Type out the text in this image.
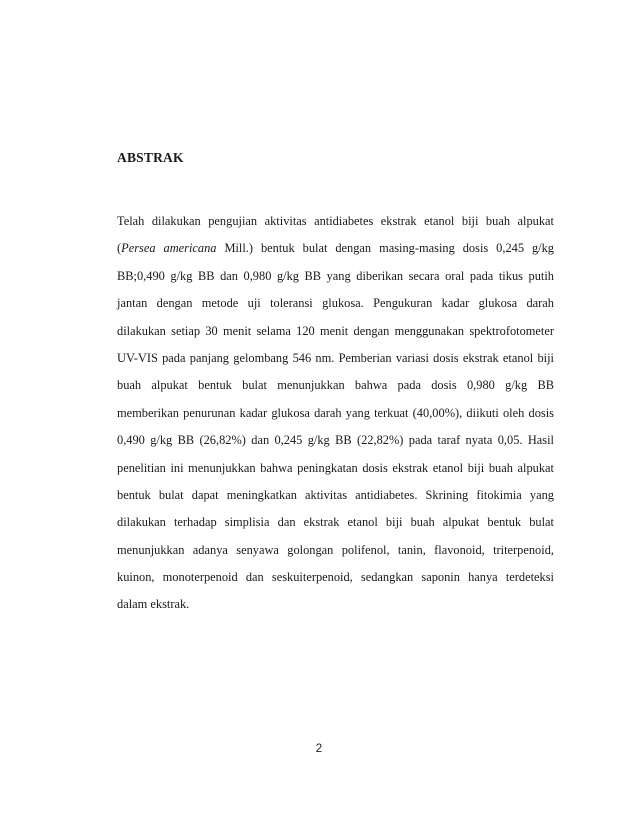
ABSTRAK
Telah dilakukan pengujian aktivitas antidiabetes ekstrak etanol biji buah alpukat
(Persea americana Mill.) bentuk bulat dengan masing-masing dosis 0,245 g/kg
BB;0,490 g/kg BB dan 0,980 g/kg BB yang diberikan secara oral pada tikus putih
jantan dengan metode uji toleransi glukosa. Pengukuran kadar glukosa darah
dilakukan setiap 30 menit selama 120 menit dengan menggunakan spektrofotometer
UV-VIS pada panjang gelombang 546 nm. Pemberian variasi dosis ekstrak etanol biji
buah alpukat bentuk bulat menunjukkan bahwa pada dosis 0,980 g/kg BB
memberikan penurunan kadar glukosa darah yang terkuat (40,00%), diikuti oleh dosis
0,490 g/kg BB (26,82%) dan 0,245 g/kg BB (22,82%) pada taraf nyata 0,05. Hasil
penelitian ini menunjukkan bahwa peningkatan dosis ekstrak etanol biji buah alpukat
bentuk bulat dapat meningkatkan aktivitas antidiabetes. Skrining fitokimia yang
dilakukan terhadap simplisia dan ekstrak etanol biji buah alpukat bentuk bulat
menunjukkan adanya senyawa golongan polifenol, tanin, flavonoid, triterpenoid,
kuinon, monoterpenoid dan seskuiterpenoid, sedangkan saponin hanya terdeteksi
dalam ekstrak.
2
